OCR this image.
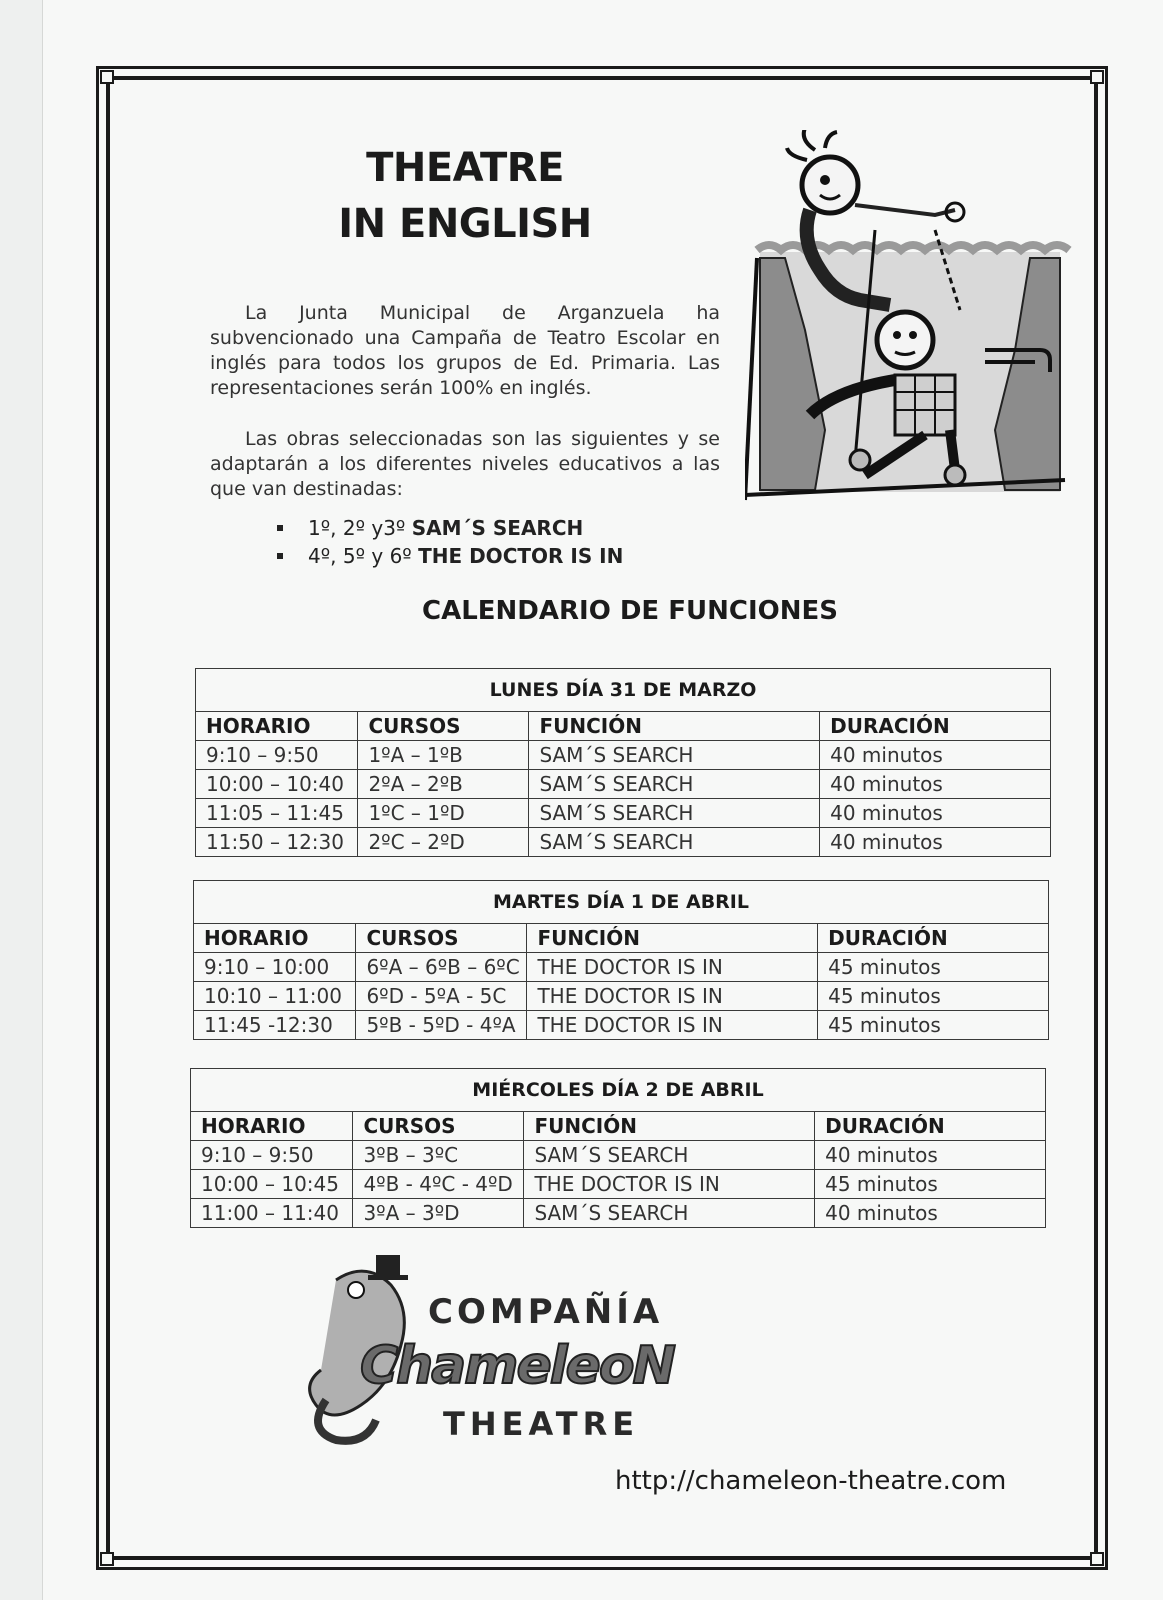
THEATRE
IN ENGLISH

La Junta Municipal de Arganzuela ha subvencionado una Campaña de Teatro Escolar en inglés para todos los grupos de Ed. Primaria. Las representaciones serán 100% en inglés.

Las obras seleccionadas son las siguientes y se adaptarán a los diferentes niveles educativos a las que van destinadas:

1º, 2º y3º SAM´S SEARCH
4º, 5º y 6º THE DOCTOR IS IN
CALENDARIO DE FUNCIONES
LUNES DÍA 31 DE MARZO			
HORARIO	CURSOS	FUNCIÓN	DURACIÓN
9:10 – 9:50	1ºA – 1ºB	SAM´S SEARCH	40 minutos
10:00 – 10:40	2ºA – 2ºB	SAM´S SEARCH	40 minutos
11:05 – 11:45	1ºC – 1ºD	SAM´S SEARCH	40 minutos
11:50 – 12:30	2ºC – 2ºD	SAM´S SEARCH	40 minutos
MARTES DÍA 1 DE ABRIL			
HORARIO	CURSOS	FUNCIÓN	DURACIÓN
9:10 – 10:00	6ºA – 6ºB – 6ºC	THE DOCTOR IS IN	45 minutos
10:10 – 11:00	6ºD - 5ºA - 5C	THE DOCTOR IS IN	45 minutos
11:45 -12:30	5ºB - 5ºD - 4ºA	THE DOCTOR IS IN	45 minutos
MIÉRCOLES DÍA 2 DE ABRIL			
HORARIO	CURSOS	FUNCIÓN	DURACIÓN
9:10 – 9:50	3ºB – 3ºC	SAM´S SEARCH	40 minutos
10:00 – 10:45	4ºB - 4ºC - 4ºD	THE DOCTOR IS IN	45 minutos
11:00 – 11:40	3ºA – 3ºD	SAM´S SEARCH	40 minutos
COMPAÑÍA
ChameleoN
THEATRE
http://chameleon-theatre.com
